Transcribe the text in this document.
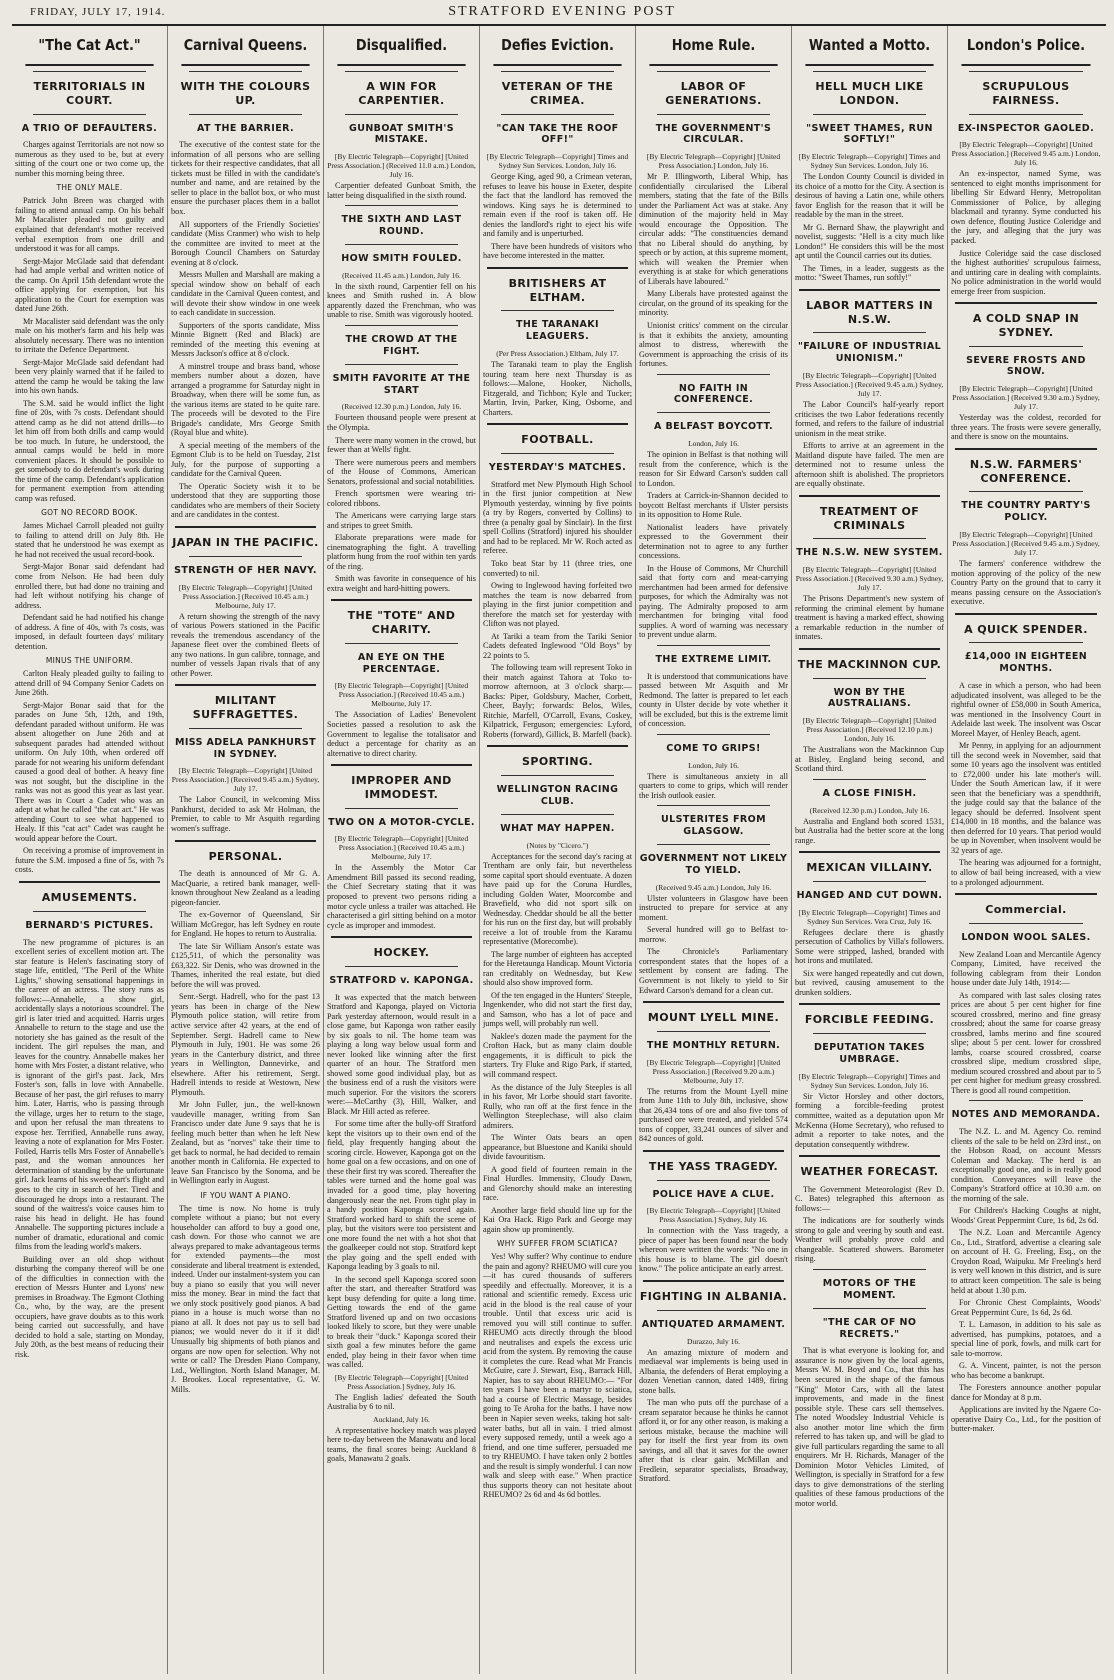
FRIDAY, JULY 17, 1914.	STRATFORD EVENING POST
"The Cat Act."
TERRITORIALS IN COURT.
A TRIO OF DEFAULTERS.

Charges against Territorials are not now so numerous as they used to be, but at every sitting of the court one or two come up, the number this morning being three.

THE ONLY MALE.

Patrick John Breen was charged with failing to attend annual camp. On his behalf Mr Macalister pleaded not guilty and explained that defendant's mother received verbal exemption from one drill and understood it was for all camps.

Sergt-Major McGlade said that defendant had had ample verbal and written notice of the camp. On April 15th defendant wrote the office applying for exemption, but his application to the Court for exemption was dated June 26th.

Mr Macalister said defendant was the only male on his mother's farm and his help was absolutely necessary. There was no intention to irritate the Defence Department.

Sergt-Major McGlade said defendant had been very plainly warned that if he failed to attend the camp he would be taking the law into his own hands.

The S.M. said he would inflict the light fine of 20s, with 7s costs. Defendant should attend camp as he did not attend drills—to let him off from both drills and camp would be too much. In future, he understood, the annual camps would be held in more convenient places. It should be possible to get somebody to do defendant's work during the time of the camp. Defendant's application for permanent exemption from attending camp was refused.

GOT NO RECORD BOOK.

James Michael Carroll pleaded not guilty to failing to attend drill on July 8th. He stated that he understood he was exempt as he had not received the usual record-book.

Sergt-Major Bonar said defendant had come from Nelson. He had been duly enrolled there, but had done no training and had left without notifying his change of address.

Defendant said he had notified his change of address. A fine of 40s, with 7s costs, was imposed, in default fourteen days' military detention.

MINUS THE UNIFORM.

Carlton Healy pleaded guilty to failing to attend drill of 94 Company Senior Cadets on June 26th.

Sergt-Major Bonar said that for the parades on June 5th, 12th, and 19th, defendant paraded without uniform. He was absent altogether on June 26th and at subsequent parades had attended without uniform. On July 10th, when ordered off parade for not wearing his uniform defendant caused a good deal of bother. A heavy fine was not sought, but the discipline in the ranks was not as good this year as last year. There was in Court a Cadet who was an adept at what he called "the cat act." He was attending Court to see what happened to Healy. If this "cat act" Cadet was caught he would appear before the Court.

On receiving a promise of improvement in future the S.M. imposed a fine of 5s, with 7s costs.

AMUSEMENTS.
BERNARD'S PICTURES.

The new programme of pictures is an excellent series of excellent motion art. The star feature is Helen's fascinating story of stage life, entitled, "The Peril of the White Lights," showing sensational happenings in the career of an actress. The story runs as follows:—Annabelle, a show girl, accidentally slays a notorious scoundrel. The girl is later tried and acquitted. Harris urges Annabelle to return to the stage and use the notoriety she has gained as the result of the incident. The girl repulses the man, and leaves for the country. Annabelle makes her home with Mrs Foster, a distant relative, who is ignorant of the girl's past. Jack, Mrs Foster's son, falls in love with Annabelle. Because of her past, the girl refuses to marry him. Later, Harris, who is passing through the village, urges her to return to the stage, and upon her refusal the man threatens to expose her. Terrified, Annabelle runs away, leaving a note of explanation for Mrs Foster. Foiled, Harris tells Mrs Foster of Annabelle's past, and the woman announces her determination of standing by the unfortunate girl. Jack learns of his sweetheart's flight and goes to the city in search of her. Tired and discouraged he drops into a restaurant. The sound of the waitress's voice causes him to raise his head in delight. He has found Annabelle. The supporting pictures include a number of dramatic, educational and comic films from the leading world's makers.

Building over an old shop without disturbing the company thereof will be one of the difficulties in connection with the erection of Messrs Hunter and Lyons' new premises in Broadway. The Egmont Clothing Co., who, by the way, are the present occupiers, have grave doubts as to this work being carried out successfully, and have decided to hold a sale, starting on Monday, July 20th, as the best means of reducing their risk.

Carnival Queens.
WITH THE COLOURS UP.
AT THE BARRIER.

The executive of the contest state for the information of all persons who are selling tickets for their respective candidates, that all tickets must be filled in with the candidate's number and name, and are retained by the seller to place in the ballot box, or who must ensure the purchaser places them in a ballot box.

All supporters of the Friendly Societies' candidate (Miss Cranmer) who wish to help the committee are invited to meet at the Borough Council Chambers on Saturday evening at 8 o'clock.

Messrs Mullen and Marshall are making a special window show on behalf of each candidate in the Carnival Queen contest, and will devote their show window in one week to each candidate in succession.

Supporters of the sports candidate, Miss Minnie Bignett (Red and Black) are reminded of the meeting this evening at Messrs Jackson's office at 8 o'clock.

A minstrel troupe and brass band, whose members number about a dozen, have arranged a programme for Saturday night in Broadway, when there will be some fun, as the various items are stated to be quite rare. The proceeds will be devoted to the Fire Brigade's candidate, Mrs George Smith (Royal blue and white).

A special meeting of the members of the Egmont Club is to be held on Tuesday, 21st July, for the purpose of supporting a candidate for the Carnival Queen.

The Operatic Society wish it to be understood that they are supporting those candidates who are members of their Society and are candidates in the contest.

JAPAN IN THE PACIFIC.
STRENGTH OF HER NAVY.
[By Electric Telegraph—Copyright] [United Press Association.] (Received 10.45 a.m.) Melbourne, July 17.

A return showing the strength of the navy of various Powers stationed in the Pacific reveals the tremendous ascendancy of the Japanese fleet over the combined fleets of any two nations. In gun calibre, tonnage, and number of vessels Japan rivals that of any other Power.

MILITANT SUFFRAGETTES.
MISS ADELA PANKHURST IN SYDNEY.
[By Electric Telegraph—Copyright] [United Press Association.] (Received 9.45 a.m.) Sydney, July 17.

The Labor Council, in welcoming Miss Pankhurst, decided to ask Mr Holman, the Premier, to cable to Mr Asquith regarding women's suffrage.

PERSONAL.

The death is announced of Mr G. A. MacQuarie, a retired bank manager, well-known throughout New Zealand as a leading pigeon-fancier.

The ex-Governor of Queensland, Sir William McGregor, has left Sydney en route for England. He hopes to return to Australia.

The late Sir William Anson's estate was £125,511, of which the personality was £63,322. Sir Denis, who was drowned in the Thames, inherited the real estate, but died before the will was proved.

Senr.-Sergt. Hadrell, who for the past 13 years has been in charge of the New Plymouth police station, will retire from active service after 42 years, at the end of September. Sergt. Hadrell came to New Plymouth in July, 1901. He was some 26 years in the Canterbury district, and three years in Wellington, Dannevirke, and elsewhere. After his retirement, Sergt. Hadrell intends to reside at Westown, New Plymouth.

Mr John Fuller, jun., the well-known vaudeville manager, writing from San Francisco under date June 9 says that he is feeling much better than when he left New Zealand, but as "norves" take their time to get back to normal, he had decided to remain another month in California. He expected to leave San Francisco by the Sonoma, and be in Wellington early in August.

IF YOU WANT A PIANO.

The time is now. No home is truly complete without a piano; but not every householder can afford to buy a good one, cash down. For those who cannot we are always prepared to make advantageous terms for extended payments—the most considerate and liberal treatment is extended, indeed. Under our instalment-system you can buy a piano so easily that you will never miss the money. Bear in mind the fact that we only stock positively good pianos. A bad piano in a house is much worse than no piano at all. It does not pay us to sell bad pianos; we would never do it if it did! Unusually big shipments of both pianos and organs are now open for selection. Why not write or call? The Dresden Piano Company, Ltd., Wellington. North Island Manager, M. J. Brookes. Local representative, G. W. Mills.

Disqualified.
A WIN FOR CARPENTIER.
GUNBOAT SMITH'S MISTAKE.
[By Electric Telegraph—Copyright] [United Press Association.] (Received 11.0 a.m.) London, July 16.

Carpentier defeated Gunboat Smith, the latter being disqualified in the sixth round.

THE SIXTH AND LAST ROUND.
HOW SMITH FOULED.
(Received 11.45 a.m.) London, July 16.

In the sixth round, Carpentier fell on his knees and Smith rushed in. A blow apparently dazed the Frenchman, who was unable to rise. Smith was vigorously hooted.

THE CROWD AT THE FIGHT.
SMITH FAVORITE AT THE START
(Received 12.30 p.m.) London, July 16.

Fourteen thousand people were present at the Olympia.

There were many women in the crowd, but fewer than at Wells' fight.

There were numerous peers and members of the House of Commons, American Senators, professional and social notabilities.

French sportsmen were wearing tri-colored ribbons.

The Americans were carrying large stars and stripes to greet Smith.

Elaborate preparations were made for cinematographing the fight. A travelling platform hung from the roof within ten yards of the ring.

Smith was favorite in consequence of his extra weight and hard-hitting powers.

THE "TOTE" AND CHARITY.
AN EYE ON THE PERCENTAGE.
[By Electric Telegraph—Copyright] [United Press Association.] (Received 10.45 a.m.) Melbourne, July 17.

The Association of Ladies' Benevolent Societies passed a resolution to ask the Government to legalise the totalisator and deduct a percentage for charity as an alternative to direct charity.

IMPROPER AND IMMODEST.
TWO ON A MOTOR-CYCLE.
[By Electric Telegraph—Copyright] [United Press Association.] (Received 10.45 a.m.) Melbourne, July 17.

In the Assembly the Motor Car Amendment Bill passed its second reading, the Chief Secretary stating that it was proposed to prevent two persons riding a motor cycle unless a trailer was attached. He characterised a girl sitting behind on a motor cycle as improper and immodest.

HOCKEY.
STRATFORD v. KAPONGA.

It was expected that the match between Stratford and Kaponga, played on Victoria Park yesterday afternoon, would result in a close game, but Kaponga won rather easily by six goals to nil. The home team was playing a long way below usual form and never looked like winning after the first quarter of an hour. The Stratford men showed some good individual play, but as the business end of a rush the visitors were much superior. For the visitors the scorers were:—McCarthy (3), Hill, Walker, and Black. Mr Hill acted as referee.

For some time after the bully-off Stratford kept the visitors up to their own end of the field, play frequently hanging about the scoring circle. However, Kaponga got on the home goal on a few occasions, and on one of these their first try was scored. Thereafter the tables were turned and the home goal was invaded for a good time, play hovering dangerously near the net. From tight play in a handy position Kaponga scored again. Stratford worked hard to shift the scene of play, but the visitors were too persistent and one more found the net with a hot shot that the goalkeeper could not stop. Stratford kept the play going and the spell ended with Kaponga leading by 3 goals to nil.

In the second spell Kaponga scored soon after the start, and thereafter Stratford was kept busy defending for quite a long time. Getting towards the end of the game Stratford livened up and on two occasions looked likely to score, but they were unable to break their "duck." Kaponga scored their sixth goal a few minutes before the game ended, play being in their favor when time was called.

[By Electric Telegraph—Copyright] [United Press Association.] Sydney, July 16.

The English ladies' defeated the South Australia by 6 to nil.

Auckland, July 16.

A representative hockey match was played here to-day between the Manawatu and local teams, the final scores being: Auckland 8 goals, Manawatu 2 goals.

Defies Eviction.
VETERAN OF THE CRIMEA.
"CAN TAKE THE ROOF OFF!"
[By Electric Telegraph—Copyright] Times and Sydney Sun Services. London, July 16.

George King, aged 90, a Crimean veteran, refuses to leave his house in Exeter, despite the fact that the landlord has removed the windows. King says he is determined to remain even if the roof is taken off. He denies the landlord's right to eject his wife and family and is unperturbed.

There have been hundreds of visitors who have become interested in the matter.

BRITISHERS AT ELTHAM.
THE TARANAKI LEAGUERS.
(Per Press Association.) Eltham, July 17.

The Taranaki team to play the English touring team here next Thursday is as follows:—Malone, Hooker, Nicholls, Fitzgerald, and Tichbon; Kyle and Tucker; Martin, Irvin, Parker, King, Osborne, and Charters.

FOOTBALL.
YESTERDAY'S MATCHES.

Stratford met New Plymouth High School in the first junior competition at New Plymouth yesterday, winning by five points (a try by Rogers, converted by Collins) to three (a penalty goal by Sinclair). In the first spell Collins (Stratford) injured his shoulder and had to be replaced. Mr W. Roch acted as referee.

Toko beat Star by 11 (three tries, one converted) to nil.

Owing to Inglewood having forfeited two matches the team is now debarred from playing in the first junior competition and therefore the match set for yesterday with Clifton was not played.

At Tariki a team from the Tariki Senior Cadets defeated Inglewood "Old Boys" by 22 points to 5.

The following team will represent Toko in their match against Tahora at Toko to-morrow afternoon, at 3 o'clock sharp:—Backs: Piper, Goldsbury, Macher, Corbett, Cheer, Bayly; forwards: Belos, Wiles, Ritchie, Marfell, O'Carroll, Evans, Coskey, Kilpatrick, Ferguson; emergencies: Lyford, Roberts (forward), Gillick, B. Marfell (back).

SPORTING.
WELLINGTON RACING CLUB.
WHAT MAY HAPPEN.
(Notes by "Cicero.")

Acceptances for the second day's racing at Trentham are only fair, but nevertheless some capital sport should eventuate. A dozen have paid up for the Coruna Hurdles, including Golden Water, Moorcombe and Bravefield, who did not sport silk on Wednesday. Cheddar should be all the better for his run on the first day, but will probably receive a lot of trouble from the Karamu representative (Morecombe).

The large number of eighteen has accepted for the Heretaunga Handicap. Mount Victoria ran creditably on Wednesday, but Kew should also show improved form.

Of the ten engaged in the Hunters' Steeple, Ingenkender, who did not start the first day, and Samson, who has a lot of pace and jumps well, will probably run well.

Naklee's dozen made the payment for the Crofton Hack, but as many claim double engagements, it is difficult to pick the starters. Try Fluke and Rigo Park, if started, will command respect.

As the distance of the July Steeples is all in his favor, Mr Lorbe should start favorite. Rully, who ran off at the first fence in the Wellington Steeplechase, will also claim admirers.

The Winter Oats bears an open appearance, but Bluestone and Kaniki should divide favouritism.

A good field of fourteen remain in the Final Hurdles. Immensity, Cloudy Dawn, and Glenorchy should make an interesting race.

Another large field should line up for the Kai Ora Hack. Rigo Park and George may again show up prominently.

WHY SUFFER FROM SCIATICA?

Yes! Why suffer? Why continue to endure the pain and agony? RHEUMO will cure you—it has cured thousands of sufferers speedily and effectually. Moreover, it is a rational and scientific remedy. Excess uric acid in the blood is the real cause of your trouble. Until that excess uric acid is removed you will still continue to suffer. RHEUMO acts directly through the blood and neutralises and expels the excess uric acid from the system. By removing the cause it completes the cure. Read what Mr Francis McGuire, care J. Stewart, Esq., Barrack Hill, Napier, has to say about RHEUMO:— "For ten years I have been a martyr to sciatica, had a course of Electric Massage, besides going to Te Aroha for the baths. I have now been in Napier seven weeks, taking hot salt-water baths, but all in vain. I tried almost every supposed remedy, until a week ago a friend, and one time sufferer, persuaded me to try RHEUMO. I have taken only 2 bottles and the result is simply wonderful. I can now walk and sleep with ease." When practice thus supports theory can not hesitate about RHEUMO? 2s 6d and 4s 6d bottles.

Home Rule.
LABOR OF GENERATIONS.
THE GOVERNMENT'S CIRCULAR.
[By Electric Telegraph—Copyright] [United Press Association.] London, July 16.

Mr P. Illingworth, Liberal Whip, has confidentially circularised the Liberal members, stating that the fate of the Bills under the Parliament Act was at stake. Any diminution of the majority held in May would encourage the Opposition. The circular adds: "The constituencies demand that no Liberal should do anything, by speech or by action, at this supreme moment, which will weaken the Premier when everything is at stake for which generations of Liberals have laboured."

Many Liberals have protested against the circular, on the ground of its speaking for the minority.

Unionist critics' comment on the circular is that it exhibits the anxiety, amounting almost to distress, wherewith the Government is approaching the crisis of its fortunes.

NO FAITH IN CONFERENCE.
A BELFAST BOYCOTT.
London, July 16.

The opinion in Belfast is that nothing will result from the conference, which is the reason for Sir Edward Carson's sudden call to London.

Traders at Carrick-in-Shannon decided to boycott Belfast merchants if Ulster persists in its opposition to Home Rule.

Nationalist leaders have privately expressed to the Government their determination not to agree to any further concessions.

In the House of Commons, Mr Churchill said that forty corn and meat-carrying merchantmen had been armed for defensive purposes, for which the Admiralty was not paying. The Admiralty proposed to arm merchantmen for bringing vital food supplies. A word of warning was necessary to prevent undue alarm.

THE EXTREME LIMIT.

It is understood that communications have passed between Mr Asquith and Mr Redmond. The latter is prepared to let each county in Ulster decide by vote whether it will be excluded, but this is the extreme limit of concession.

COME TO GRIPS!
London, July 16.

There is simultaneous anxiety in all quarters to come to grips, which will render the Irish outlook easier.

ULSTERITES FROM GLASGOW.
GOVERNMENT NOT LIKELY TO YIELD.
(Received 9.45 a.m.) London, July 16.

Ulster volunteers in Glasgow have been instructed to prepare for service at any moment.

Several hundred will go to Belfast to-morrow.

The Chronicle's Parliamentary correspondent states that the hopes of a settlement by consent are fading. The Government is not likely to yield to Sir Edward Carson's demand for a clean cut.

MOUNT LYELL MINE.
THE MONTHLY RETURN.
[By Electric Telegraph—Copyright] [United Press Association.] (Received 9.20 a.m.) Melbourne, July 17.

The returns from the Mount Lyell mine from June 11th to July 8th, inclusive, show that 26,434 tons of ore and also five tons of purchased ore were treated, and yielded 574 tons of copper, 33,241 ounces of silver and 842 ounces of gold.

THE YASS TRAGEDY.
POLICE HAVE A CLUE.
[By Electric Telegraph—Copyright] [United Press Association.] Sydney, July 16.

In connection with the Yass tragedy, a piece of paper has been found near the body whereon were written the words: "No one in this house is to blame. The girl doesn't know." The police anticipate an early arrest.

FIGHTING IN ALBANIA.
ANTIQUATED ARMAMENT.
Durazzo, July 16.

An amazing mixture of modern and mediaeval war implements is being used in Albania, the defenders of Berat employing a dozen Venetian cannon, dated 1489, firing stone balls.

The man who puts off the purchase of a cream separator because he thinks he cannot afford it, or for any other reason, is making a serious mistake, because the machine will pay for itself the first year from its own savings, and all that it saves for the owner after that is clear gain. McMillan and Fredlein, separator specialists, Broadway, Stratford.

Wanted a Motto.
HELL MUCH LIKE LONDON.
"SWEET THAMES, RUN SOFTLY!"
[By Electric Telegraph—Copyright] Times and Sydney Sun Services. London, July 16.

The London County Council is divided in its choice of a motto for the City. A section is desirous of having a Latin one, while others favor English for the reason that it will be readable by the man in the street.

Mr G. Bernard Shaw, the playwright and novelist, suggests: "Hell is a city much like London!" He considers this will be the most apt until the Council carries out its duties.

The Times, in a leader, suggests as the motto: "Sweet Thames, run softly!"

LABOR MATTERS IN N.S.W.
"FAILURE OF INDUSTRIAL UNIONISM."
[By Electric Telegraph—Copyright] [United Press Association.] (Received 9.45 a.m.) Sydney, July 17.

The Labor Council's half-yearly report criticises the two Labor federations recently formed, and refers to the failure of industrial unionism in the meat strike.

Efforts to arrive at an agreement in the Maitland dispute have failed. The men are determined not to resume unless the afternoon shift is abolished. The proprietors are equally obstinate.

TREATMENT OF CRIMINALS
THE N.S.W. NEW SYSTEM.
[By Electric Telegraph—Copyright] [United Press Association.] (Received 9.30 a.m.) Sydney, July 17.

The Prisons Department's new system of reforming the criminal element by humane treatment is having a marked effect, showing a remarkable reduction in the number of inmates.

THE MACKINNON CUP.
WON BY THE AUSTRALIANS.
[By Electric Telegraph—Copyright] [United Press Association.] (Received 12.10 p.m.) London, July 16.

The Australians won the Mackinnon Cup at Bisley, England being second, and Scotland third.

A CLOSE FINISH.
(Received 12.30 p.m.) London, July 16.

Australia and England both scored 1531, but Australia had the better score at the long range.

MEXICAN VILLAINY.
HANGED AND CUT DOWN.
[By Electric Telegraph—Copyright] Times and Sydney Sun Services. Vera Cruz, July 16.

Refugees declare there is ghastly persecution of Catholics by Villa's followers. Some were stripped, lashed, branded with hot irons and mutilated.

Six were hanged repeatedly and cut down, but revived, causing amusement to the drunken soldiers.

FORCIBLE FEEDING.
DEPUTATION TAKES UMBRAGE.
[By Electric Telegraph—Copyright] Times and Sydney Sun Services. London, July 16.

Sir Victor Horsley and other doctors, forming a forcible-feeding protest committee, waited as a deputation upon Mr McKenna (Home Secretary), who refused to admit a reporter to take notes, and the deputation consequently withdrew.

WEATHER FORECAST.

The Government Meteorologist (Rev D. C. Bates) telegraphed this afternoon as follows:—

The indications are for southerly winds strong to gale and veering by south and east. Weather will probably prove cold and changeable. Scattered showers. Barometer rising.

MOTORS OF THE MOMENT.
"THE CAR OF NO RECRETS."

That is what everyone is looking for, and assurance is now given by the local agents, Messrs W. M. Boyd and Co., that this has been secured in the shape of the famous "King" Motor Cars, with all the latest improvements, and made in the finest possible style. These cars sell themselves. The noted Woodsley Industrial Vehicle is also another motor line which the firm referred to has taken up, and will be glad to give full particulars regarding the same to all enquirers. Mr H. Richards, Manager of the Dominion Motor Vehicles Limited, of Wellington, is specially in Stratford for a few days to give demonstrations of the sterling qualities of these famous productions of the motor world.

London's Police.
SCRUPULOUS FAIRNESS.
EX-INSPECTOR GAOLED.
[By Electric Telegraph—Copyright] [United Press Association.] (Received 9.45 a.m.) London, July 16.

An ex-inspector, named Syme, was sentenced to eight months imprisonment for libelling Sir Edward Henry, Metropolitan Commissioner of Police, by alleging blackmail and tyranny. Syme conducted his own defence, flouting Justice Coleridge and the jury, and alleging that the jury was packed.

Justice Coleridge said the case disclosed the highest authorities' scrupulous fairness, and untiring care in dealing with complaints. No police administration in the world would emerge freer from suspicion.

A COLD SNAP IN SYDNEY.
SEVERE FROSTS AND SNOW.
[By Electric Telegraph—Copyright] [United Press Association.] (Received 9.30 a.m.) Sydney, July 17.

Yesterday was the coldest, recorded for three years. The frosts were severe generally, and there is snow on the mountains.

N.S.W. FARMERS' CONFERENCE.
THE COUNTRY PARTY'S POLICY.
[By Electric Telegraph—Copyright] [United Press Association.] (Received 9.45 a.m.) Sydney, July 17.

The farmers' conference withdrew the motion approving of the policy of the new Country Party on the ground that to carry it means passing censure on the Association's executive.

A QUICK SPENDER.
£14,000 IN EIGHTEEN MONTHS.

A case in which a person, who had been adjudicated insolvent, was alleged to be the rightful owner of £58,000 in South America, was mentioned in the Insolvency Court in Adelaide last week. The insolvent was Oscar Moreel Mayer, of Henley Beach, agent.

Mr Penny, in applying for an adjournment till the second week in November, said that some 10 years ago the insolvent was entitled to £72,000 under his late mother's will. Under the South American law, if it were seen that the beneficiary was a spendthrift, the judge could say that the balance of the legacy should be deferred. Insolvent spent £14,000 in 18 months, and the balance was then deferred for 10 years. That period would be up in November, when insolvent would be 32 years of age.

The hearing was adjourned for a fortnight, to allow of bail being increased, with a view to a prolonged adjournment.

Commercial.
LONDON WOOL SALES.

New Zealand Loan and Mercantile Agency Company, Limited, have received the following cablegram from their London house under date July 14th, 1914:—

As compared with last sales closing rates prices are about 5 per cent higher for fine scoured crossbred, merino and fine greasy crossbred; about the same for coarse greasy crossbred, lambs merino and fine scoured slipe; about 5 per cent. lower for crossbred lambs, coarse scoured crossbred, coarse crossbred slipe, medium crossbred slipe, medium scoured crossbred and about par to 5 per cent higher for medium greasy crossbred. There is good all round competition.

NOTES AND MEMORANDA.

The N.Z. L. and M. Agency Co. remind clients of the sale to be held on 23rd inst., on the Hobson Road, on account Messrs Coleman and Mackay. The herd is an exceptionally good one, and is in really good condition. Conveyances will leave the Company's Stratford office at 10.30 a.m. on the morning of the sale.

For Children's Hacking Coughs at night, Woods' Great Peppermint Cure, 1s 6d, 2s 6d.

The N.Z. Loan and Mercantile Agency Co., Ltd., Stratford, advertise a clearing sale on account of H. G. Freeling, Esq., on the Croydon Road, Waipuku. Mr Freeling's herd is very well known in this district, and is sure to attract keen competition. The sale is being held at about 1.30 p.m.

For Chronic Chest Complaints, Woods' Great Peppermint Cure, 1s 6d, 2s 6d.

T. L. Lamason, in addition to his sale as advertised, has pumpkins, potatoes, and a special line of pork, fowls, and milk cart for sale to-morrow.

G. A. Vincent, painter, is not the person who has become a bankrupt.

The Foresters announce another popular dance for Monday at 8 p.m.

Applications are invited by the Ngaere Co-operative Dairy Co., Ltd., for the position of butter-maker.
